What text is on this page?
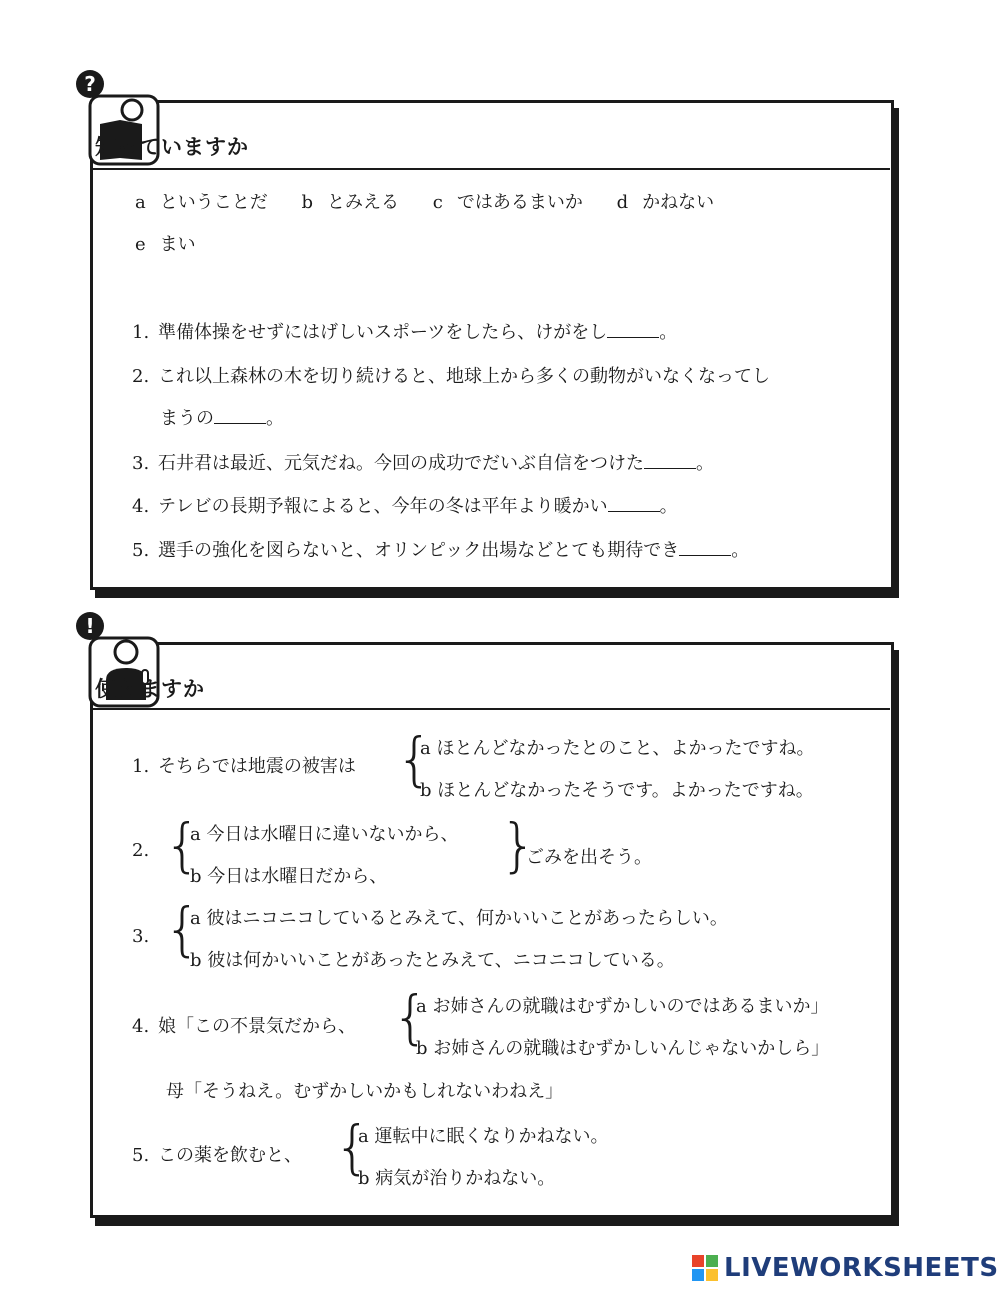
?
知っていますか
a ということだ b とみえる c ではあるまいか d かねない
e まい
1. 準備体操をせずにはげしいスポーツをしたら、けがをし	。
2. これ以上森林の木を切り続けると、地球上から多くの動物がいなくなってし
まうの	。
3. 石井君は最近、元気だね。今回の成功でだいぶ自信をつけた	。
4. テレビの長期予報によると、今年の冬は平年より暖かい	。
5. 選手の強化を図らないと、オリンピック出場などとても期待でき	。
!
使えますか
1. そちらでは地震の被害は {
a ほとんどなかったとのこと、よかったですね。
b ほとんどなかったそうです。よかったですね。
2. {
a 今日は水曜日に違いないから、
b 今日は水曜日だから、 }
ごみを出そう。
3. {
a 彼はニコニコしているとみえて、何かいいことがあったらしい。
b 彼は何かいいことがあったとみえて、ニコニコしている。
4. 娘「この不景気だから、 {
a お姉さんの就職はむずかしいのではあるまいか」
b お姉さんの就職はむずかしいんじゃないかしら」
母「そうねえ。むずかしいかもしれないわねえ」
5. この薬を飲むと、 {
a 運転中に眠くなりかねない。
b 病気が治りかねない。
LIVEWORKSHEETS
